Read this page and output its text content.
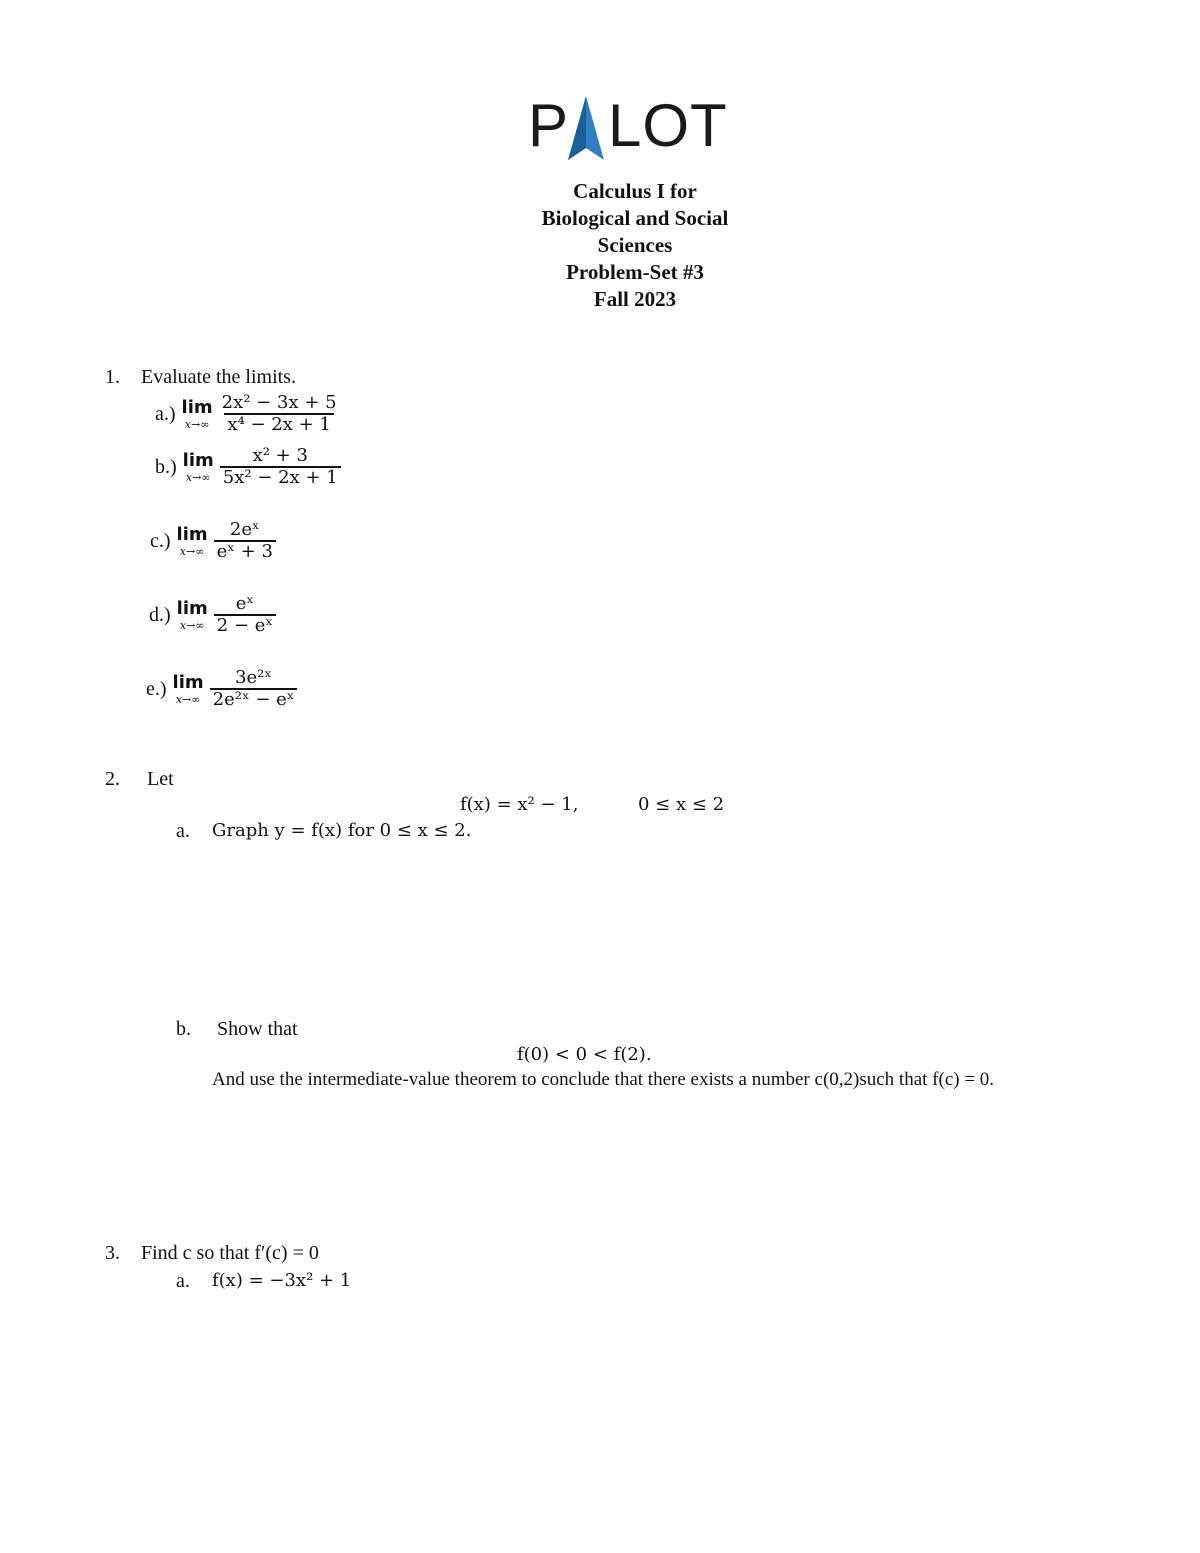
P LOT
Calculus I for
Biological and Social
Sciences
Problem-Set #3
Fall 2023
1. Evaluate the limits.
a.) lim
$x\to\infty \frac{\text{2x² − 3x + 5}}{\text{x⁴ − 2x + 1}}$
b.) lim
$x\to\infty \frac{\text{x² + 3}}{\text{5x² − 2x + 1}}$
c.) lim
$x\to\infty \frac{\text{2eˣ}}{\text{eˣ + 3}}$
d.) lim
$x\to\infty \frac{\text{eˣ}}{\text{2 − eˣ}}$
e.) lim
$x\to\infty \frac{\text{3e²ˣ}}{\text{2e²ˣ − eˣ}}$
2. Let
f(x) = x² − 1,	0 ≤ x ≤ 2
a. Graph y = f(x) for 0 ≤ x ≤ 2.
b. Show that
f(0) < 0 < f(2).
And use the intermediate-value theorem to conclude that there exists a number c(0,2)such that f(c) = 0.
3. Find c so that f′(c) = 0
a. f(x) = −3x² + 1
